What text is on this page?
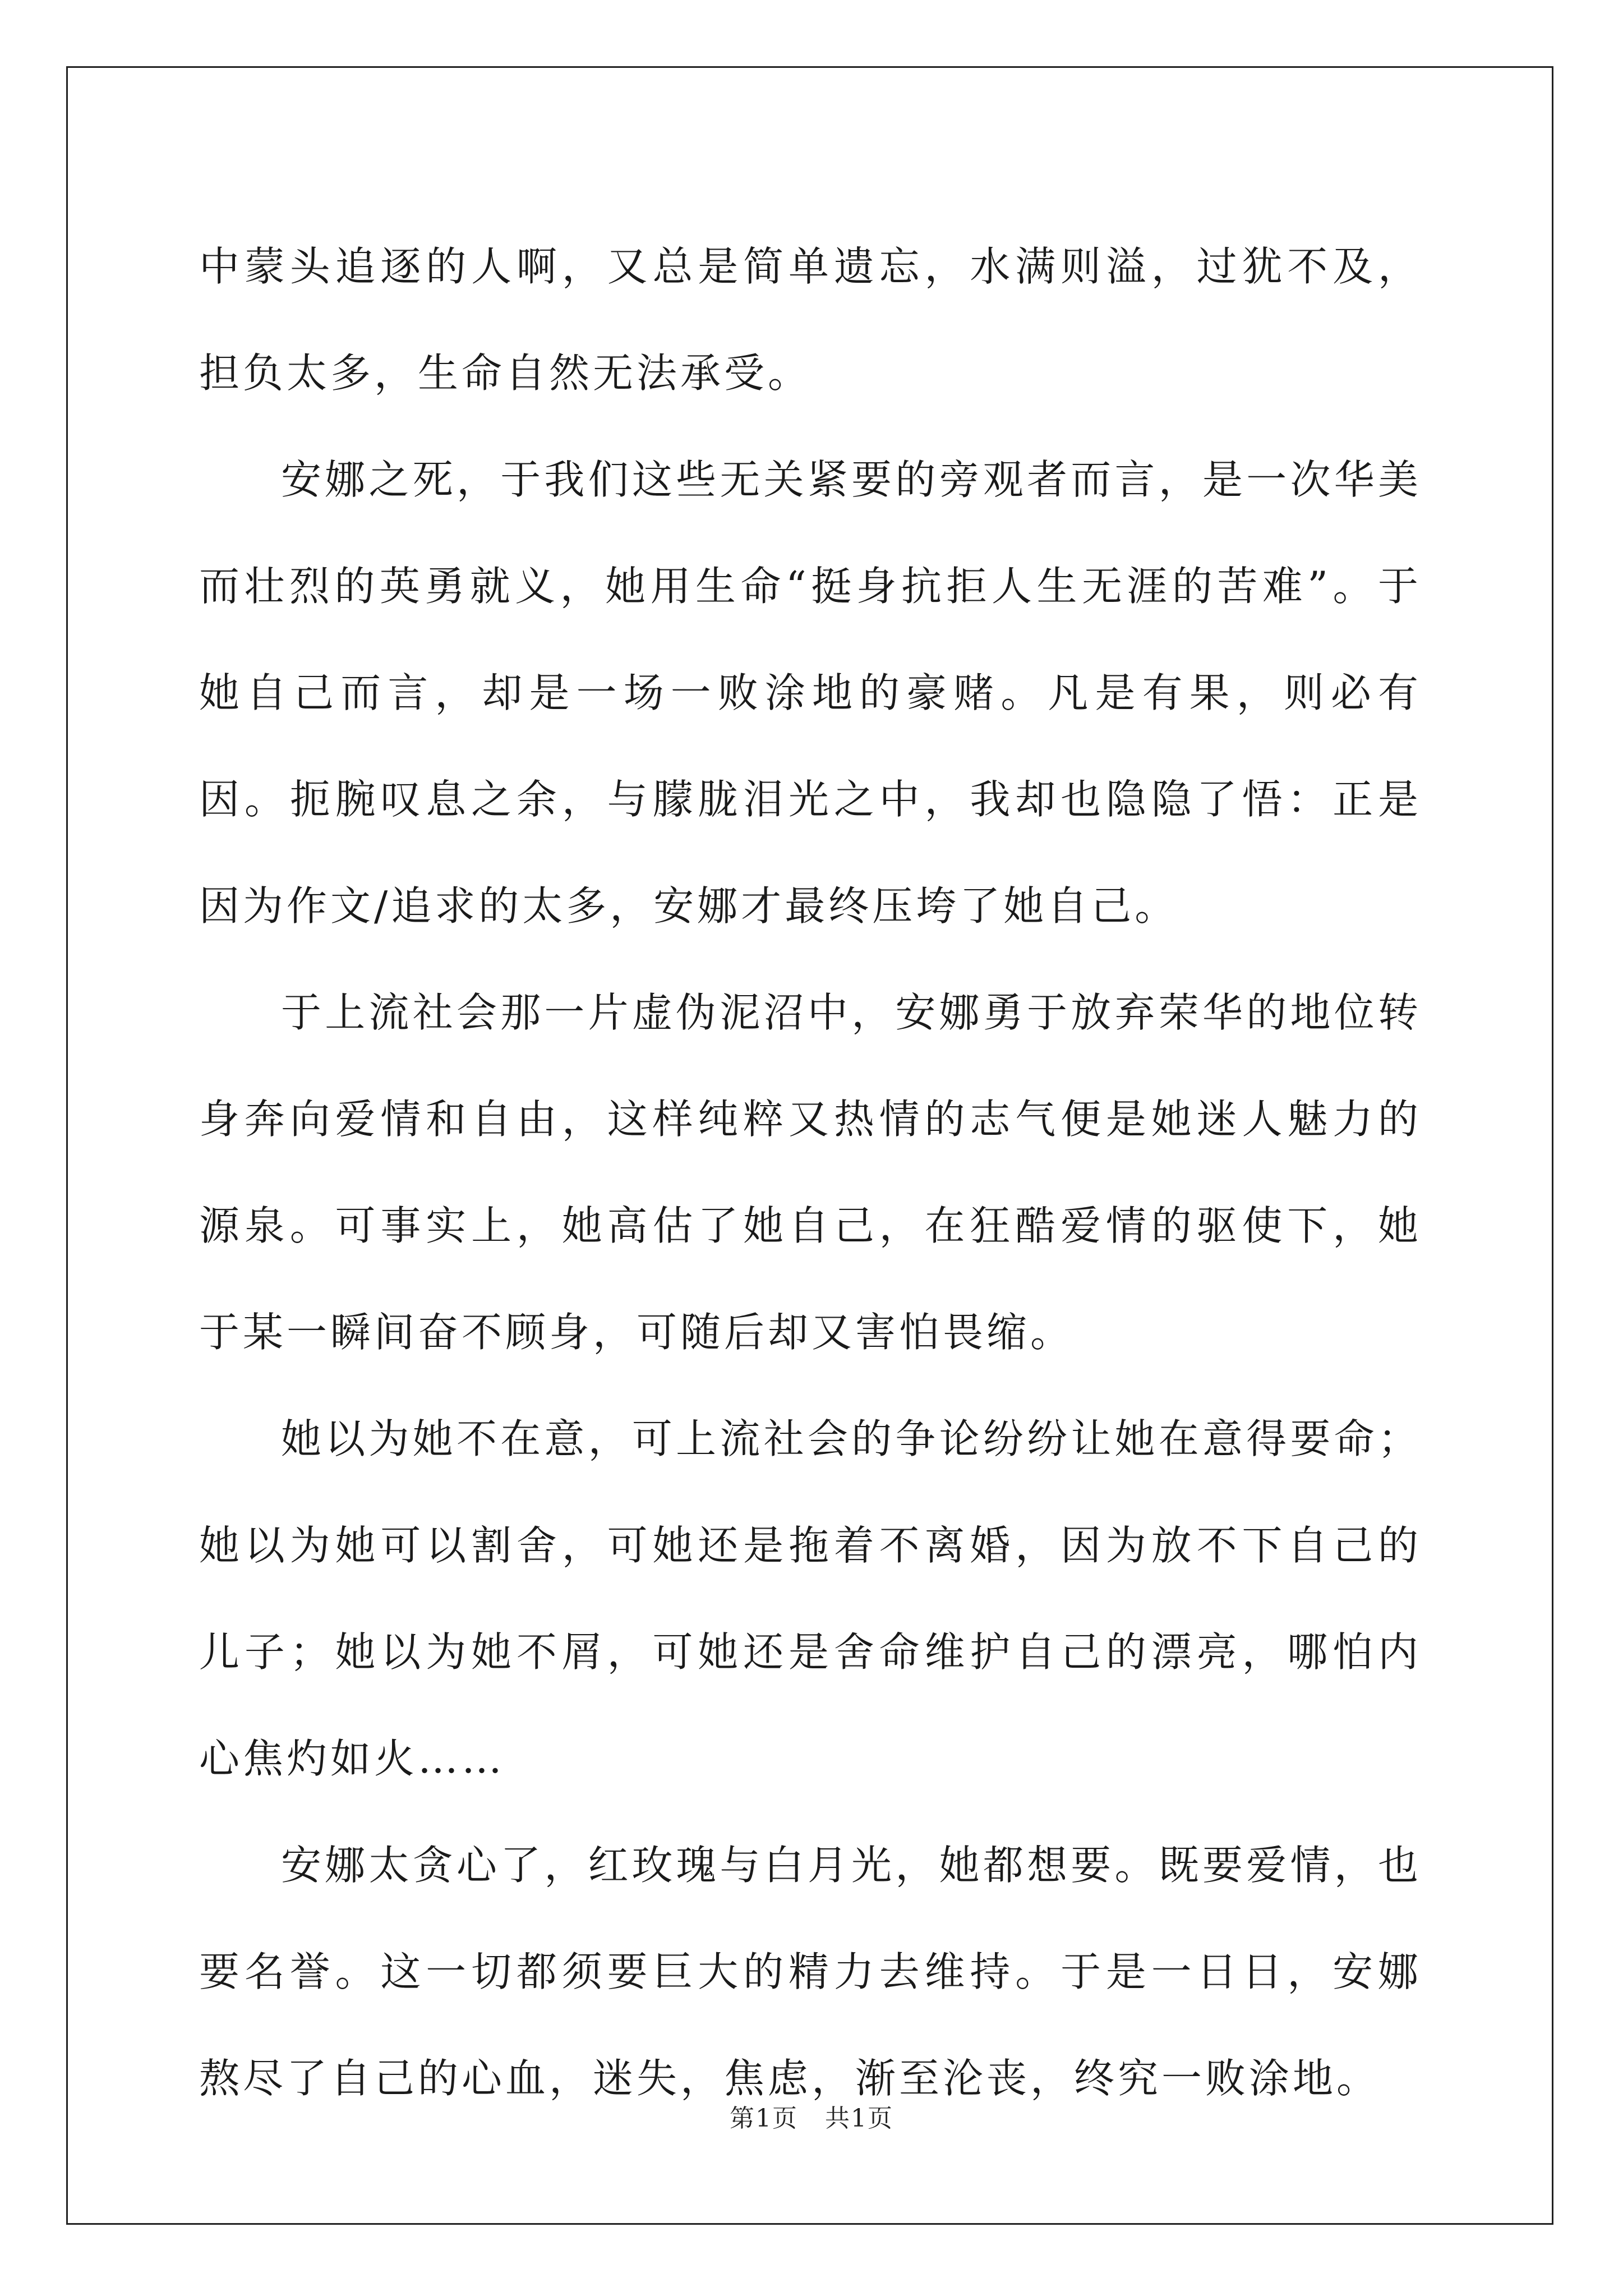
中蒙头追逐的人啊，又总是简单遗忘，水满则溢，过犹不及，担负太多，生命自然无法承受。

安娜之死，于我们这些无关紧要的旁观者而言，是一次华美而壮烈的英勇就义，她用生命“挺身抗拒人生无涯的苦难”。于她自己而言，却是一场一败涂地的豪赌。凡是有果，则必有因。扼腕叹息之余，与朦胧泪光之中，我却也隐隐了悟：正是因为作文/追求的太多，安娜才最终压垮了她自己。

于上流社会那一片虚伪泥沼中，安娜勇于放弃荣华的地位转身奔向爱情和自由，这样纯粹又热情的志气便是她迷人魅力的源泉。可事实上，她高估了她自己，在狂酷爱情的驱使下，她于某一瞬间奋不顾身，可随后却又害怕畏缩。

她以为她不在意，可上流社会的争论纷纷让她在意得要命；她以为她可以割舍，可她还是拖着不离婚，因为放不下自己的儿子；她以为她不屑，可她还是舍命维护自己的漂亮，哪怕内心焦灼如火……

安娜太贪心了，红玫瑰与白月光，她都想要。既要爱情，也要名誉。这一切都须要巨大的精力去维持。于是一日日，安娜熬尽了自己的心血，迷失，焦虑，渐至沦丧，终究一败涂地。

第1页 共1页
